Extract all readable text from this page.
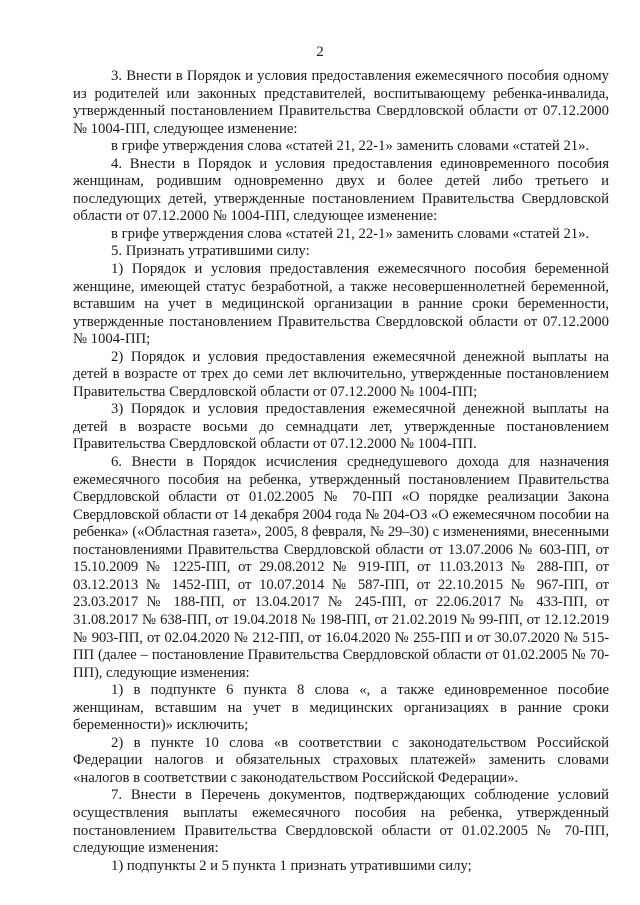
2

3. Внести в Порядок и условия предоставления ежемесячного пособия одному из родителей или законных представителей, воспитывающему ребенка-инвалида, утвержденный постановлением Правительства Свердловской области от 07.12.2000 № 1004-ПП, следующее изменение:

в грифе утверждения слова «статей 21, 22-1» заменить словами «статей 21».

4. Внести в Порядок и условия предоставления единовременного пособия женщинам, родившим одновременно двух и более детей либо третьего и последующих детей, утвержденные постановлением Правительства Свердловской области от 07.12.2000 № 1004-ПП, следующее изменение:

в грифе утверждения слова «статей 21, 22-1» заменить словами «статей 21».

5. Признать утратившими силу:

1) Порядок и условия предоставления ежемесячного пособия беременной женщине, имеющей статус безработной, а также несовершеннолетней беременной, вставшим на учет в медицинской организации в ранние сроки беременности, утвержденные постановлением Правительства Свердловской области от 07.12.2000 № 1004-ПП;

2) Порядок и условия предоставления ежемесячной денежной выплаты на детей в возрасте от трех до семи лет включительно, утвержденные постановлением Правительства Свердловской области от 07.12.2000 № 1004-ПП;

3) Порядок и условия предоставления ежемесячной денежной выплаты на детей в возрасте восьми до семнадцати лет, утвержденные постановлением Правительства Свердловской области от 07.12.2000 № 1004-ПП.

6. Внести в Порядок исчисления среднедушевого дохода для назначения ежемесячного пособия на ребенка, утвержденный постановлением Правительства Свердловской области от 01.02.2005 № 70-ПП «О порядке реализации Закона Свердловской области от 14 декабря 2004 года № 204-ОЗ «О ежемесячном пособии на ребенка» («Областная газета», 2005, 8 февраля, № 29–30) с изменениями, внесенными постановлениями Правительства Свердловской области от 13.07.2006 № 603-ПП, от 15.10.2009 № 1225-ПП, от 29.08.2012 № 919-ПП, от 11.03.2013 № 288-ПП, от 03.12.2013 № 1452-ПП, от 10.07.2014 № 587-ПП, от 22.10.2015 № 967-ПП, от 23.03.2017 № 188-ПП, от 13.04.2017 № 245-ПП, от 22.06.2017 № 433-ПП, от 31.08.2017 № 638-ПП, от 19.04.2018 № 198-ПП, от 21.02.2019 № 99-ПП, от 12.12.2019 № 903-ПП, от 02.04.2020 № 212-ПП, от 16.04.2020 № 255-ПП и от 30.07.2020 № 515-ПП (далее – постановление Правительства Свердловской области от 01.02.2005 № 70-ПП), следующие изменения:

1) в подпункте 6 пункта 8 слова «, а также единовременное пособие женщинам, вставшим на учет в медицинских организациях в ранние сроки беременности)» исключить;

2) в пункте 10 слова «в соответствии с законодательством Российской Федерации налогов и обязательных страховых платежей» заменить словами «налогов в соответствии с законодательством Российской Федерации».

7. Внести в Перечень документов, подтверждающих соблюдение условий осуществления выплаты ежемесячного пособия на ребенка, утвержденный постановлением Правительства Свердловской области от 01.02.2005 № 70-ПП, следующие изменения:

1) подпункты 2 и 5 пункта 1 признать утратившими силу;
